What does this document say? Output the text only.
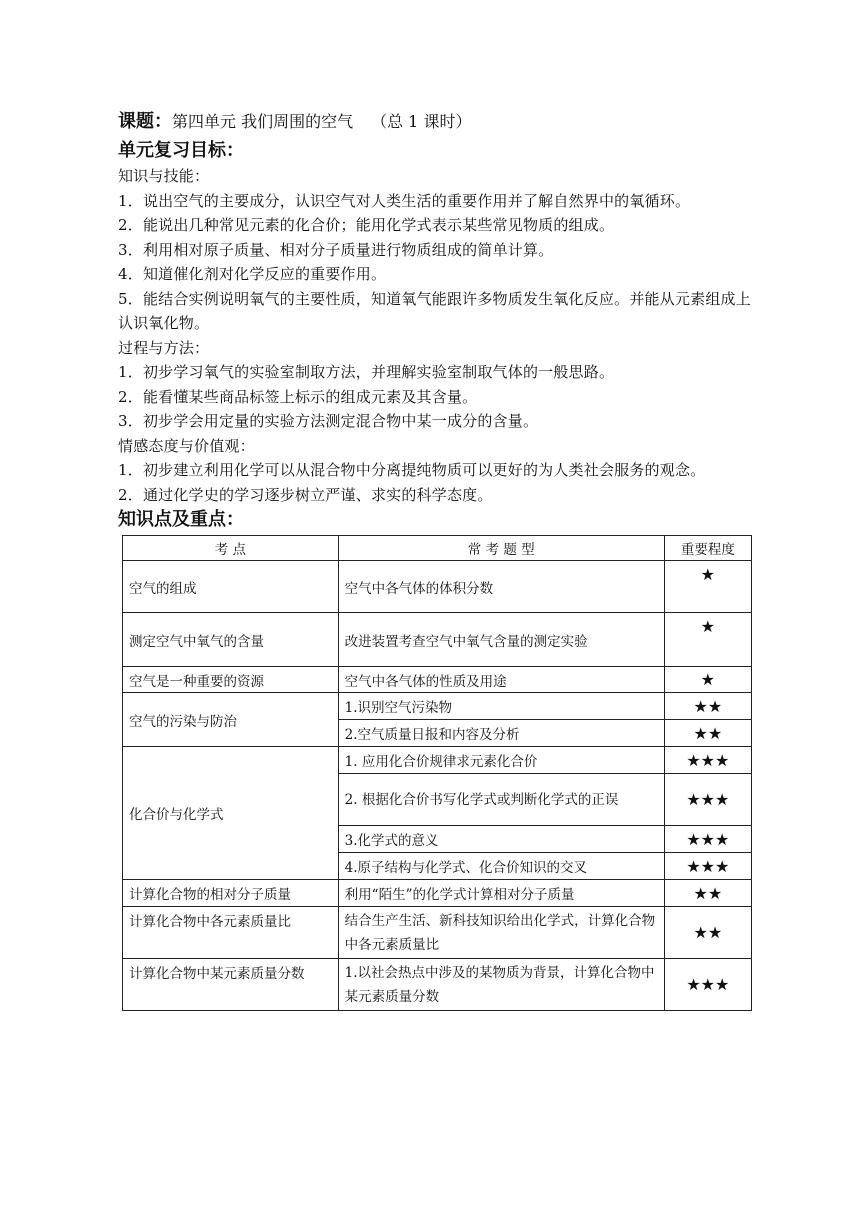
课题：第四单元 我们周围的空气 （总 1 课时）
单元复习目标：
知识与技能：
1．说出空气的主要成分，认识空气对人类生活的重要作用并了解自然界中的氧循环。
2．能说出几种常见元素的化合价；能用化学式表示某些常见物质的组成。
3．利用相对原子质量、相对分子质量进行物质组成的简单计算。
4．知道催化剂对化学反应的重要作用。
5．能结合实例说明氧气的主要性质，知道氧气能跟许多物质发生氧化反应。并能从元素组成上认识氧化物。
过程与方法：
1．初步学习氧气的实验室制取方法，并理解实验室制取气体的一般思路。
2．能看懂某些商品标签上标示的组成元素及其含量。
3．初步学会用定量的实验方法测定混合物中某一成分的含量。
情感态度与价值观：
1．初步建立利用化学可以从混合物中分离提纯物质可以更好的为人类社会服务的观念。
2．通过化学史的学习逐步树立严谨、求实的科学态度。
知识点及重点：
考 点	常 考 题 型	重要程度
空气的组成	空气中各气体的体积分数	★
测定空气中氧气的含量	改进装置考查空气中氧气含量的测定实验	★
空气是一种重要的资源	空气中各气体的性质及用途	★
空气的污染与防治	1.识别空气污染物	★★
	2.空气质量日报和内容及分析	★★
化合价与化学式	1. 应用化合价规律求元素化合价	★★★
	2. 根据化合价书写化学式或判断化学式的正误	★★★
	3.化学式的意义	★★★
	4.原子结构与化学式、化合价知识的交叉	★★★
计算化合物的相对分子质量	利用“陌生”的化学式计算相对分子质量	★★
计算化合物中各元素质量比	结合生产生活、新科技知识给出化学式，计算化合物中各元素质量比	★★
计算化合物中某元素质量分数	1.以社会热点中涉及的某物质为背景，计算化合物中某元素质量分数	★★★
